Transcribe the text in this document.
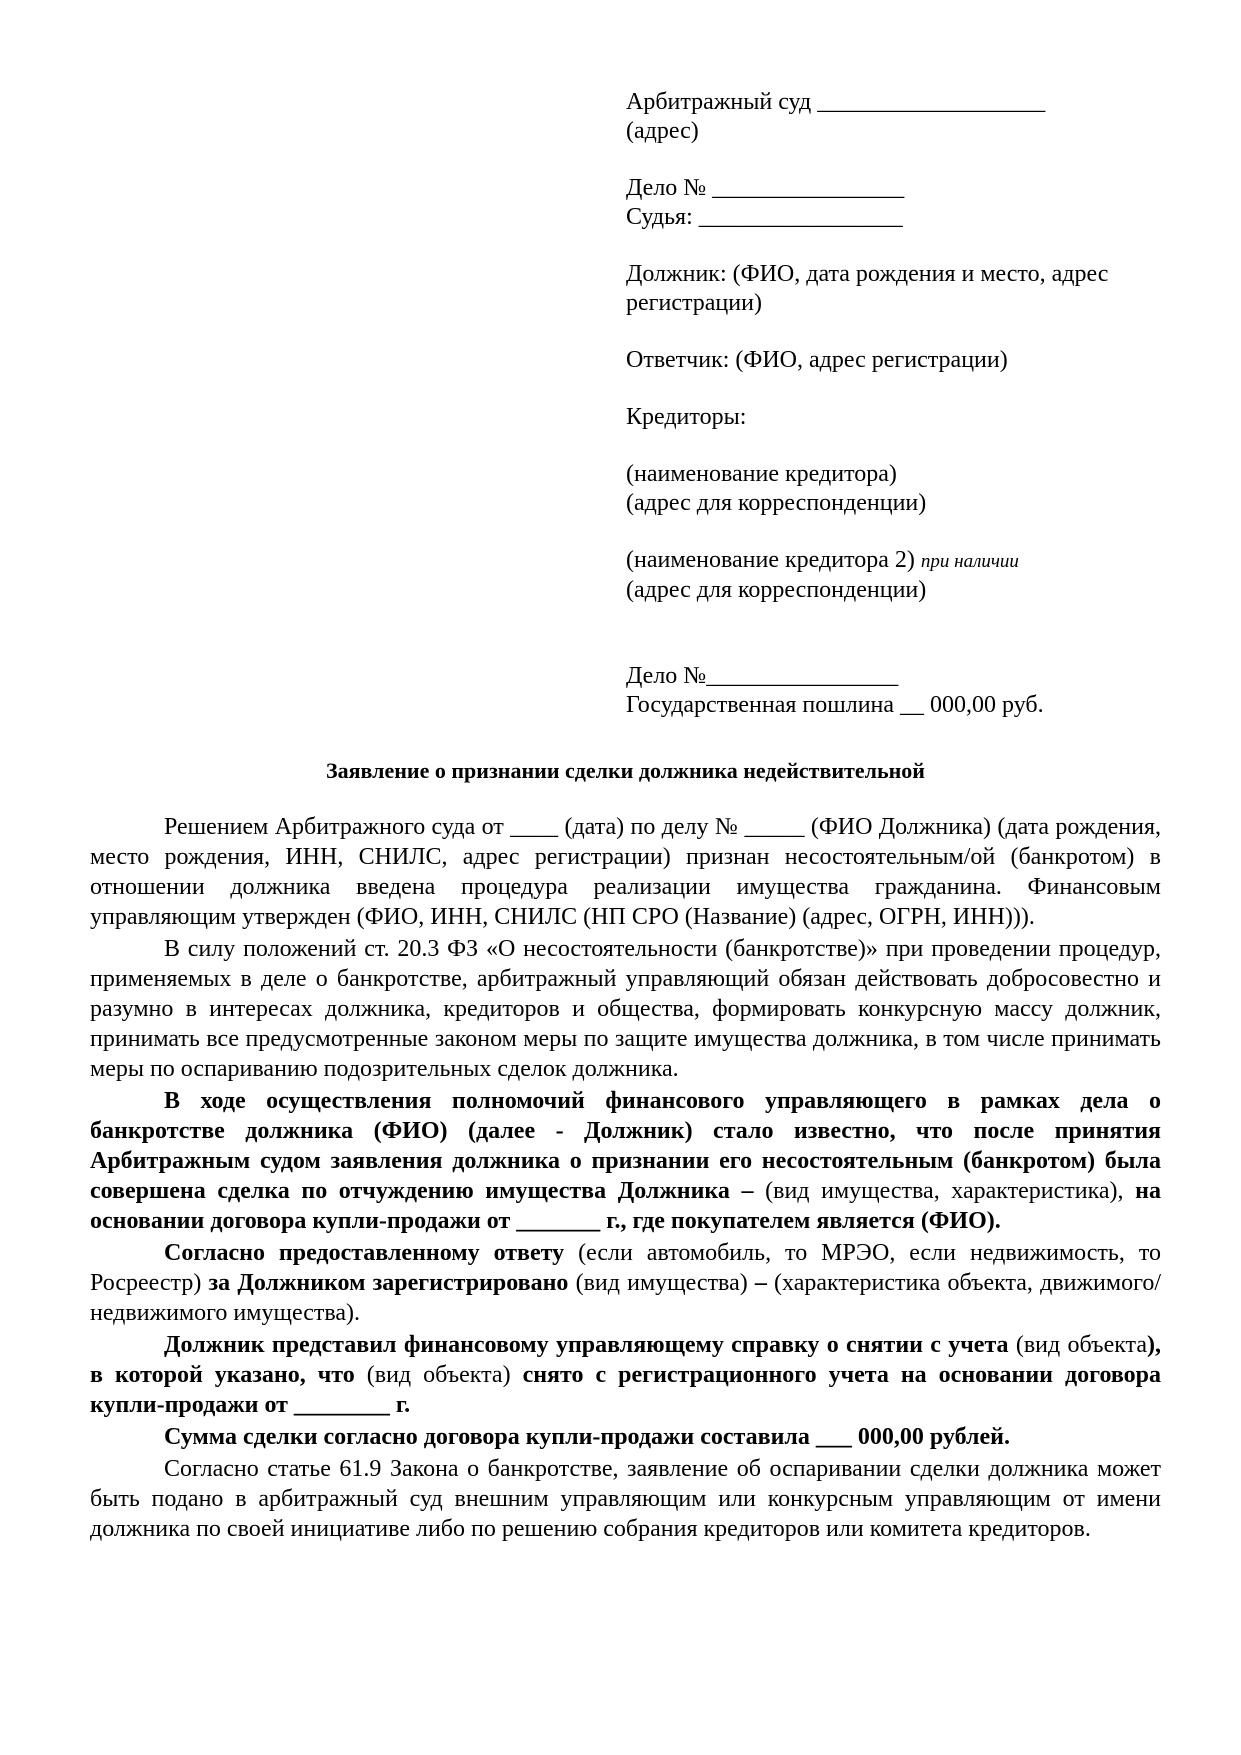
Арбитражный суд ___________________
(адрес)
Дело № ________________
Судья: _________________
Должник: (ФИО, дата рождения и место, адрес
регистрации)
Ответчик: (ФИО, адрес регистрации)
Кредиторы:
(наименование кредитора)
(адрес для корреспонденции)
(наименование кредитора 2) при наличии
(адрес для корреспонденции)
Дело №________________
Государственная пошлина __ 000,00 руб.
Заявление о признании сделки должника недействительной

Решением Арбитражного суда от ____ (дата) по делу № _____ (ФИО Должника) (дата рождения, место рождения, ИНН, СНИЛС, адрес регистрации) признан несостоятельным/ой (банкротом) в отношении должника введена процедура реализации имущества гражданина. Финансовым управляющим утвержден (ФИО, ИНН, СНИЛС (НП СРО (Название) (адрес, ОГРН, ИНН))).

В силу положений ст. 20.3 ФЗ «О несостоятельности (банкротстве)» при проведении процедур, применяемых в деле о банкротстве, арбитражный управляющий обязан действовать добросовестно и разумно в интересах должника, кредиторов и общества, формировать конкурсную массу должник, принимать все предусмотренные законом меры по защите имущества должника, в том числе принимать меры по оспариванию подозрительных сделок должника.

В ходе осуществления полномочий финансового управляющего в рамках дела о банкротстве должника (ФИО) (далее - Должник) стало известно, что после принятия Арбитражным судом заявления должника о признании его несостоятельным (банкротом) была совершена сделка по отчуждению имущества Должника – (вид имущества, характеристика), на основании договора купли-продажи от _______ г., где покупателем является (ФИО).

Согласно предоставленному ответу (если автомобиль, то МРЭО, если недвижимость, то Росреестр) за Должником зарегистрировано (вид имущества) – (характеристика объекта, движимого/недвижимого имущества).

Должник представил финансовому управляющему справку о снятии с учета (вид объекта), в которой указано, что (вид объекта) снято с регистрационного учета на основании договора купли-продажи от ________ г.

Сумма сделки согласно договора купли-продажи составила ___ 000,00 рублей.

Согласно статье 61.9 Закона о банкротстве, заявление об оспаривании сделки должника может быть подано в арбитражный суд внешним управляющим или конкурсным управляющим от имени должника по своей инициативе либо по решению собрания кредиторов или комитета кредиторов.
